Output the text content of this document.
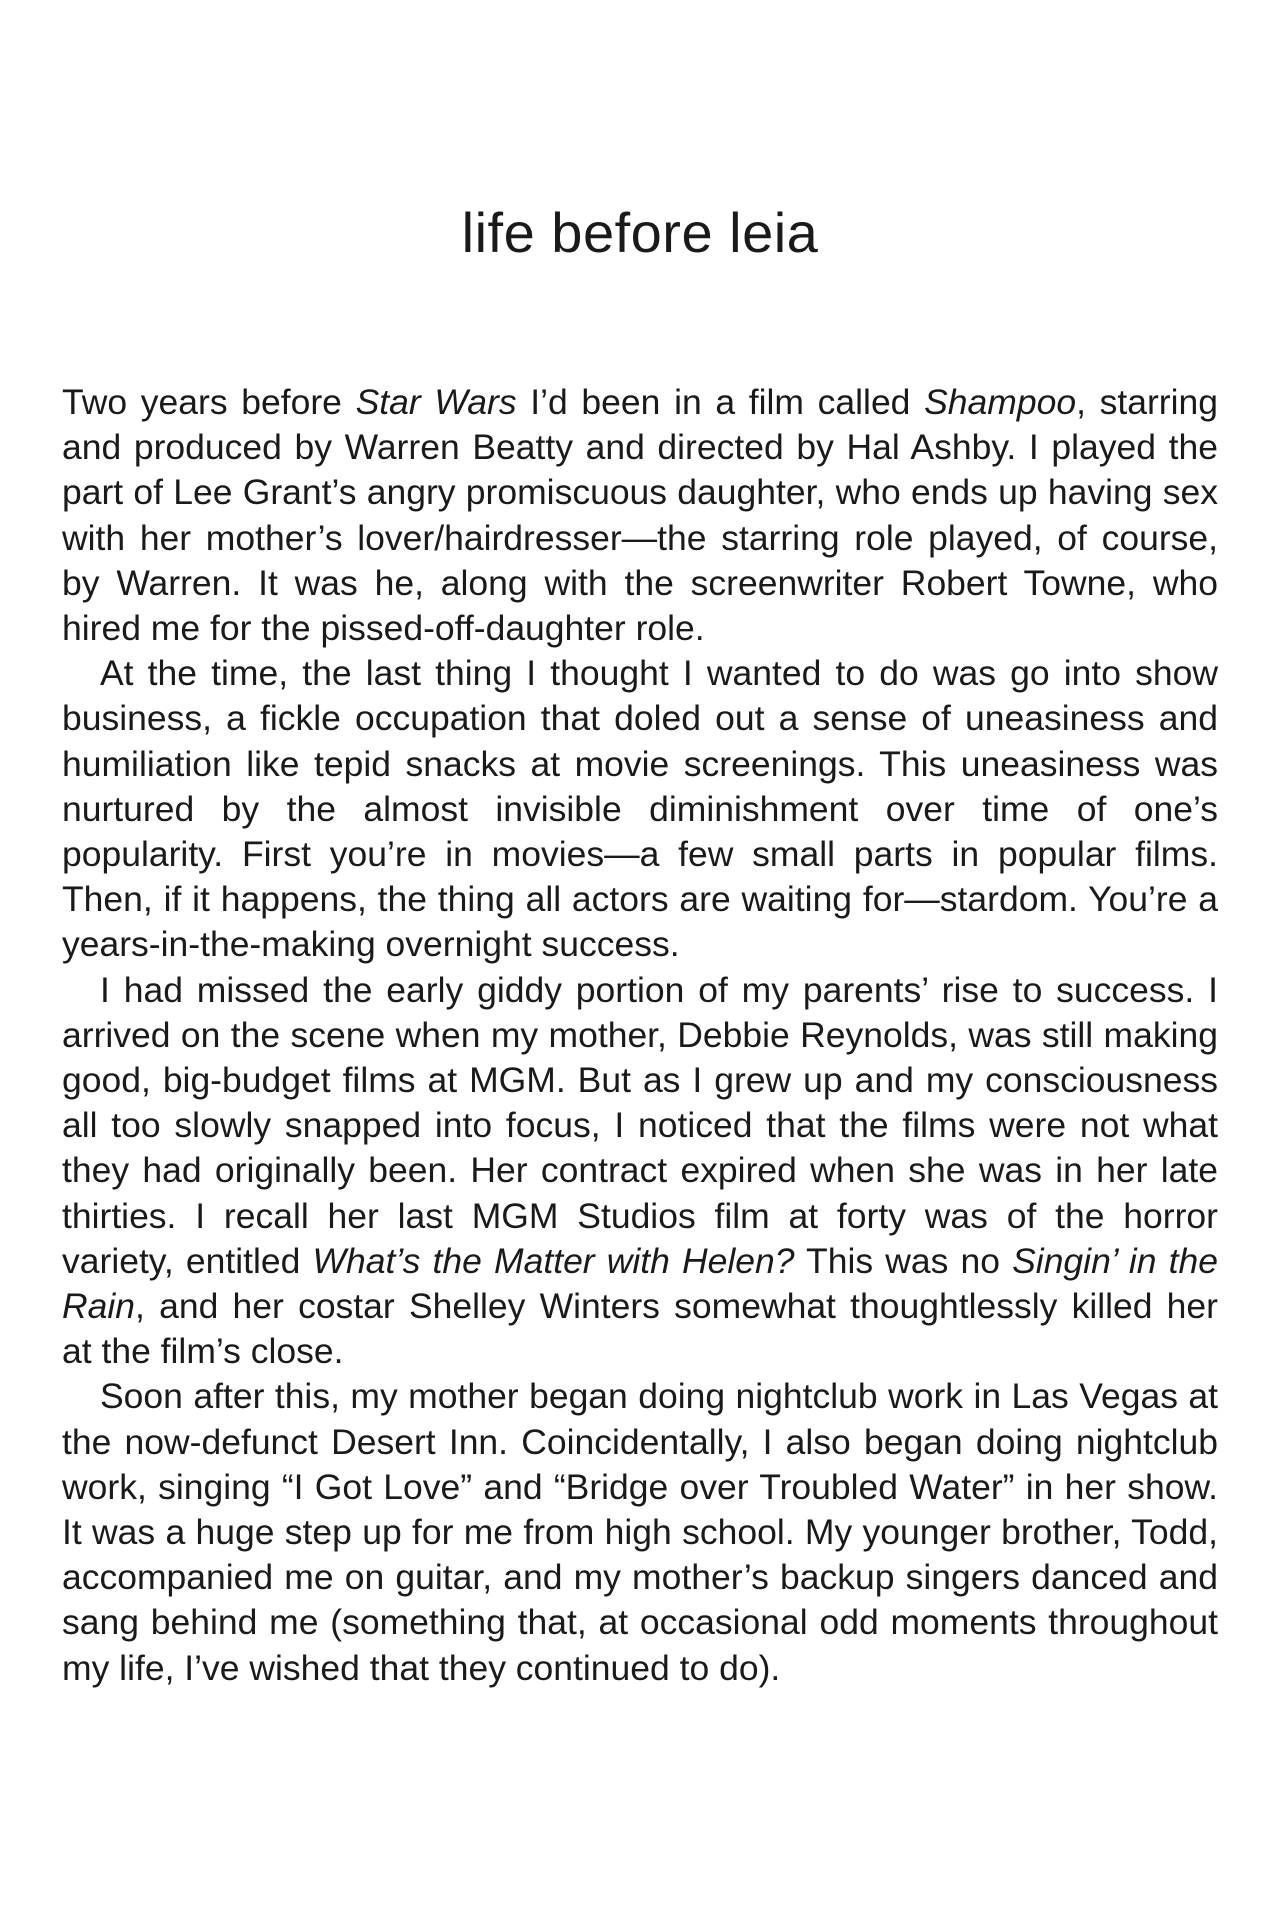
life before leia

Two years before Star Wars I’d been in a film called Shampoo, starring and produced by Warren Beatty and directed by Hal Ashby. I played the part of Lee Grant’s angry promiscuous daughter, who ends up having sex with her mother’s lover/hairdresser—the starring role played, of course, by Warren. It was he, along with the screenwriter Robert Towne, who hired me for the pissed-off-daughter role.

At the time, the last thing I thought I wanted to do was go into show business, a fickle occupation that doled out a sense of uneasiness and humiliation like tepid snacks at movie screenings. This uneasiness was nurtured by the almost invisible diminishment over time of one’s popularity. First you’re in movies—a few small parts in popular films. Then, if it happens, the thing all actors are waiting for—stardom. You’re a years-in-the-making overnight success.

I had missed the early giddy portion of my parents’ rise to success. I arrived on the scene when my mother, Debbie Reynolds, was still making good, big-budget films at MGM. But as I grew up and my consciousness all too slowly snapped into focus, I noticed that the films were not what they had originally been. Her contract expired when she was in her late thirties. I recall her last MGM Studios film at forty was of the horror variety, entitled What’s the Matter with Helen? This was no Singin’ in the Rain, and her costar Shelley Winters somewhat thoughtlessly killed her at the film’s close.

Soon after this, my mother began doing nightclub work in Las Vegas at the now-defunct Desert Inn. Coincidentally, I also began doing nightclub work, singing “I Got Love” and “Bridge over Troubled Water” in her show. It was a huge step up for me from high school. My younger brother, Todd, accompanied me on guitar, and my mother’s backup singers danced and sang behind me (something that, at occasional odd moments throughout my life, I’ve wished that they continued to do).
